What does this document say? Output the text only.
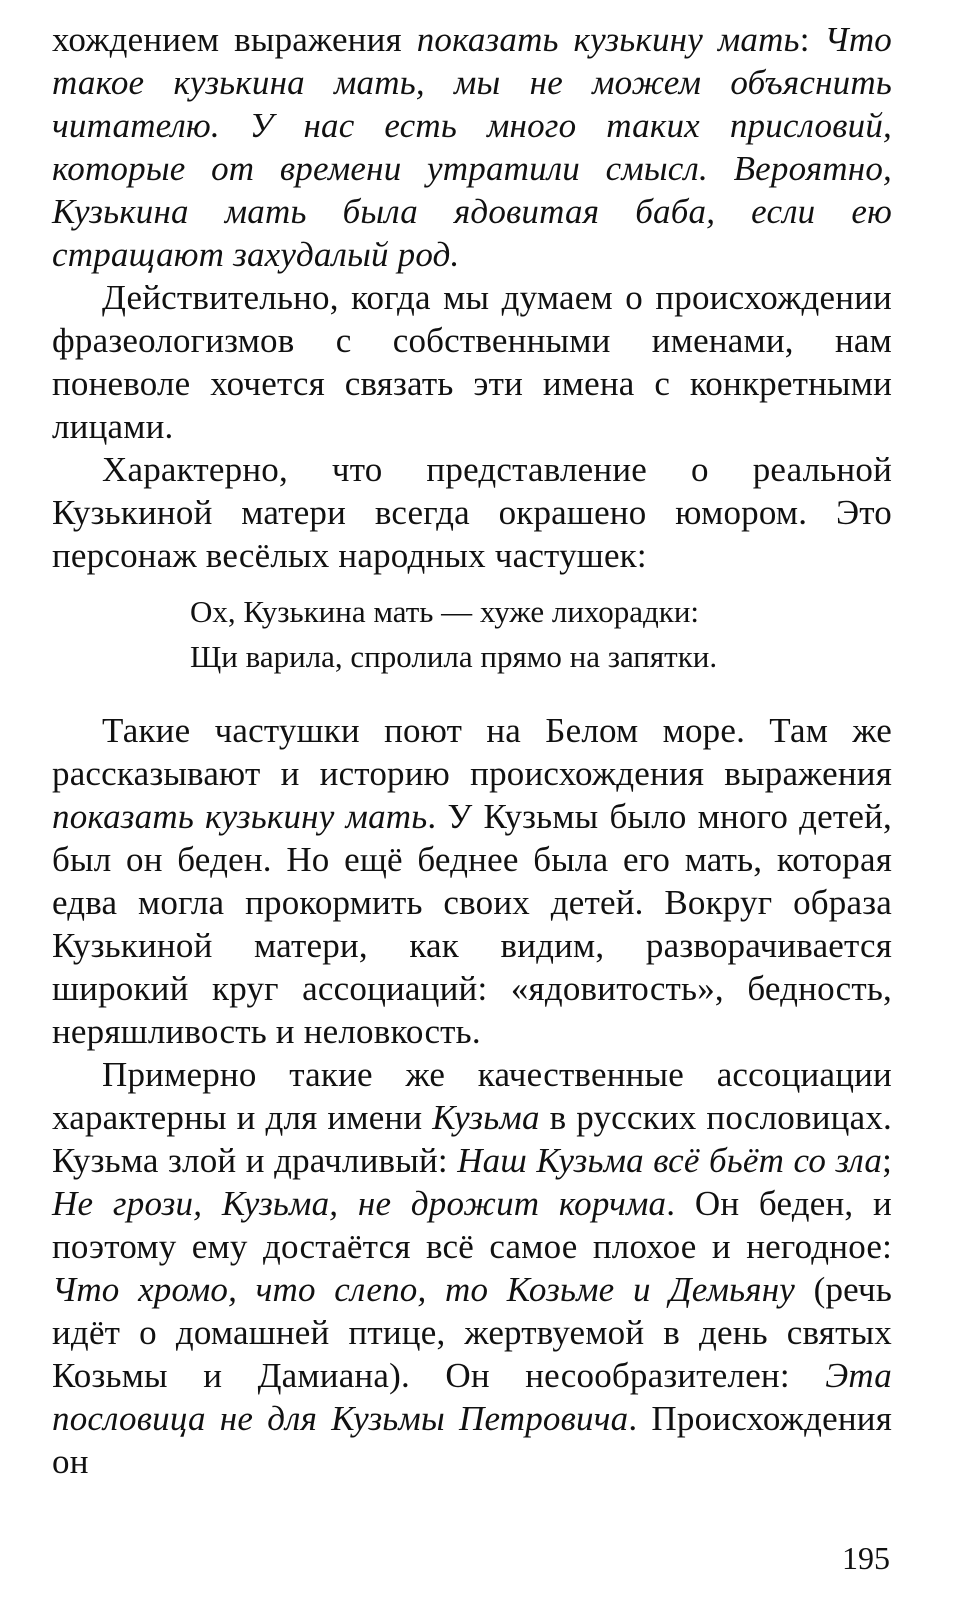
хождением выражения показать кузькину мать: Что такое кузькина мать, мы не можем объяснить читателю. У нас есть много таких присловий, которые от времени утратили смысл. Вероятно, Кузькина мать была ядовитая баба, если ею стращают захудалый род.

Действительно, когда мы думаем о происхождении фразеологизмов с собственными именами, нам поневоле хочется связать эти имена с конкретными лицами.

Характерно, что представление о реальной Кузькиной матери всегда окрашено юмором. Это персонаж весёлых народных частушек:

Ох, Кузькина мать — хуже лихорадки:
Щи варила, спролила прямо на запятки.

Такие частушки поют на Белом море. Там же рассказывают и историю происхождения выражения показать кузькину мать. У Кузьмы было много детей, был он беден. Но ещё беднее была его мать, которая едва могла прокормить своих детей. Вокруг образа Кузькиной матери, как видим, разворачивается широкий круг ассоциаций: «ядовитость», бедность, неряшливость и неловкость.

Примерно такие же качественные ассоциации характерны и для имени Кузьма в русских пословицах. Кузьма злой и драчливый: Наш Кузьма всё бьёт со зла; Не грози, Кузьма, не дрожит корчма. Он беден, и поэтому ему достаётся всё самое плохое и негодное: Что хромо, что слепо, то Козьме и Демьяну (речь идёт о домашней птице, жертвуемой в день святых Козьмы и Дамиана). Он несообразителен: Эта пословица не для Кузьмы Петровича. Происхождения он

195
